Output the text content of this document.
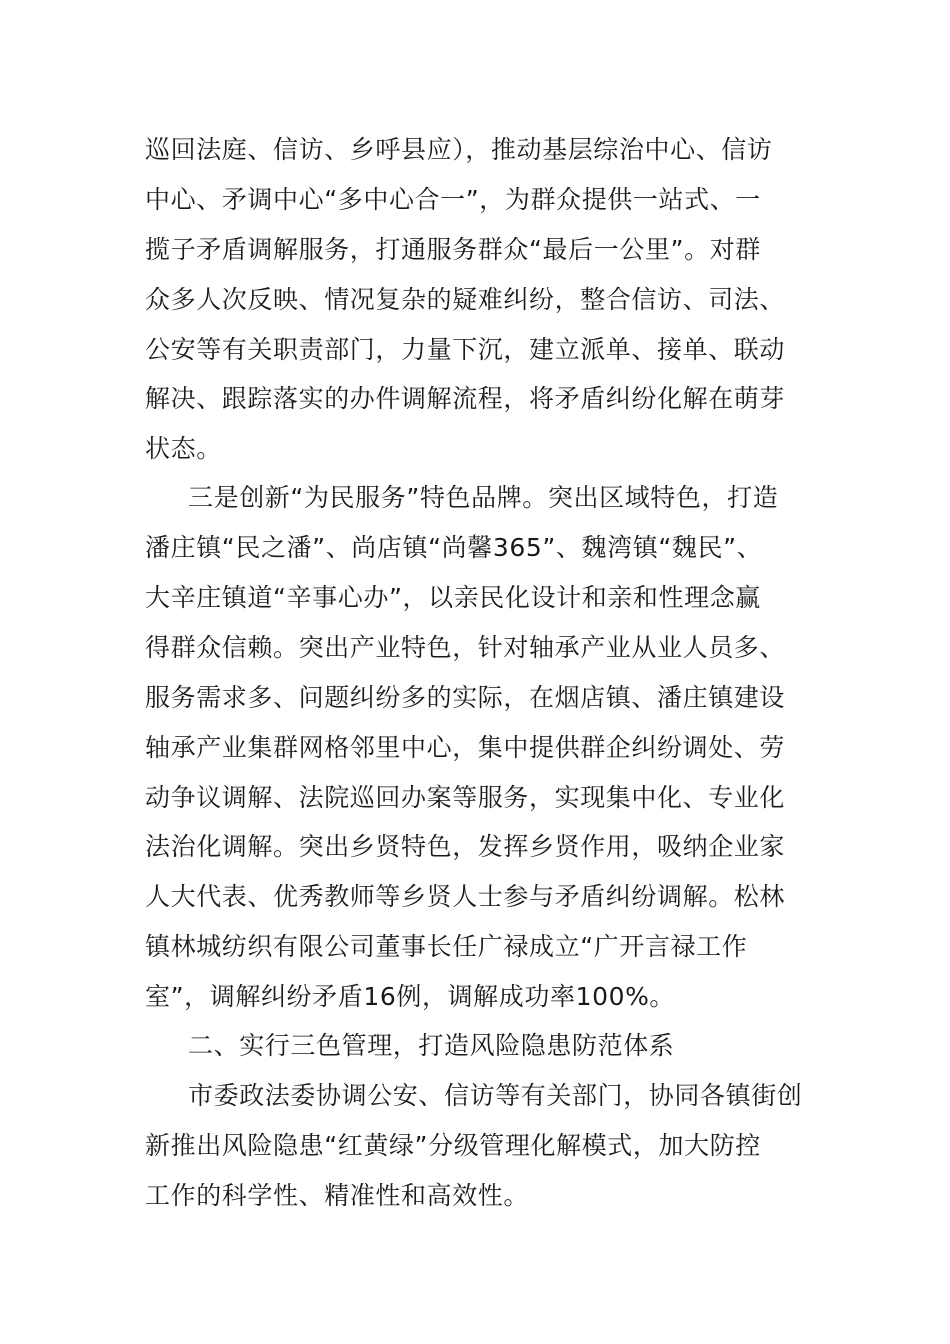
巡回法庭、信访、乡呼县应），推动基层综治中心、信访
中心、矛调中心“多中心合一”，为群众提供一站式、一
揽子矛盾调解服务，打通服务群众“最后一公里”。对群
众多人次反映、情况复杂的疑难纠纷，整合信访、司法、
公安等有关职责部门，力量下沉，建立派单、接单、联动
解决、跟踪落实的办件调解流程，将矛盾纠纷化解在萌芽
状态。
三是创新“为民服务”特色品牌。突出区域特色，打造
潘庄镇“民之潘”、尚店镇“尚馨365”、魏湾镇“魏民”、
大辛庄镇道“辛事心办”，以亲民化设计和亲和性理念赢
得群众信赖。突出产业特色，针对轴承产业从业人员多、
服务需求多、问题纠纷多的实际，在烟店镇、潘庄镇建设
轴承产业集群网格邻里中心，集中提供群企纠纷调处、劳
动争议调解、法院巡回办案等服务，实现集中化、专业化
法治化调解。突出乡贤特色，发挥乡贤作用，吸纳企业家
人大代表、优秀教师等乡贤人士参与矛盾纠纷调解。松林
镇林城纺织有限公司董事长任广禄成立“广开言禄工作
室”，调解纠纷矛盾16例，调解成功率100%。
二、实行三色管理，打造风险隐患防范体系
市委政法委协调公安、信访等有关部门，协同各镇街创
新推出风险隐患“红黄绿”分级管理化解模式，加大防控
工作的科学性、精准性和高效性。
